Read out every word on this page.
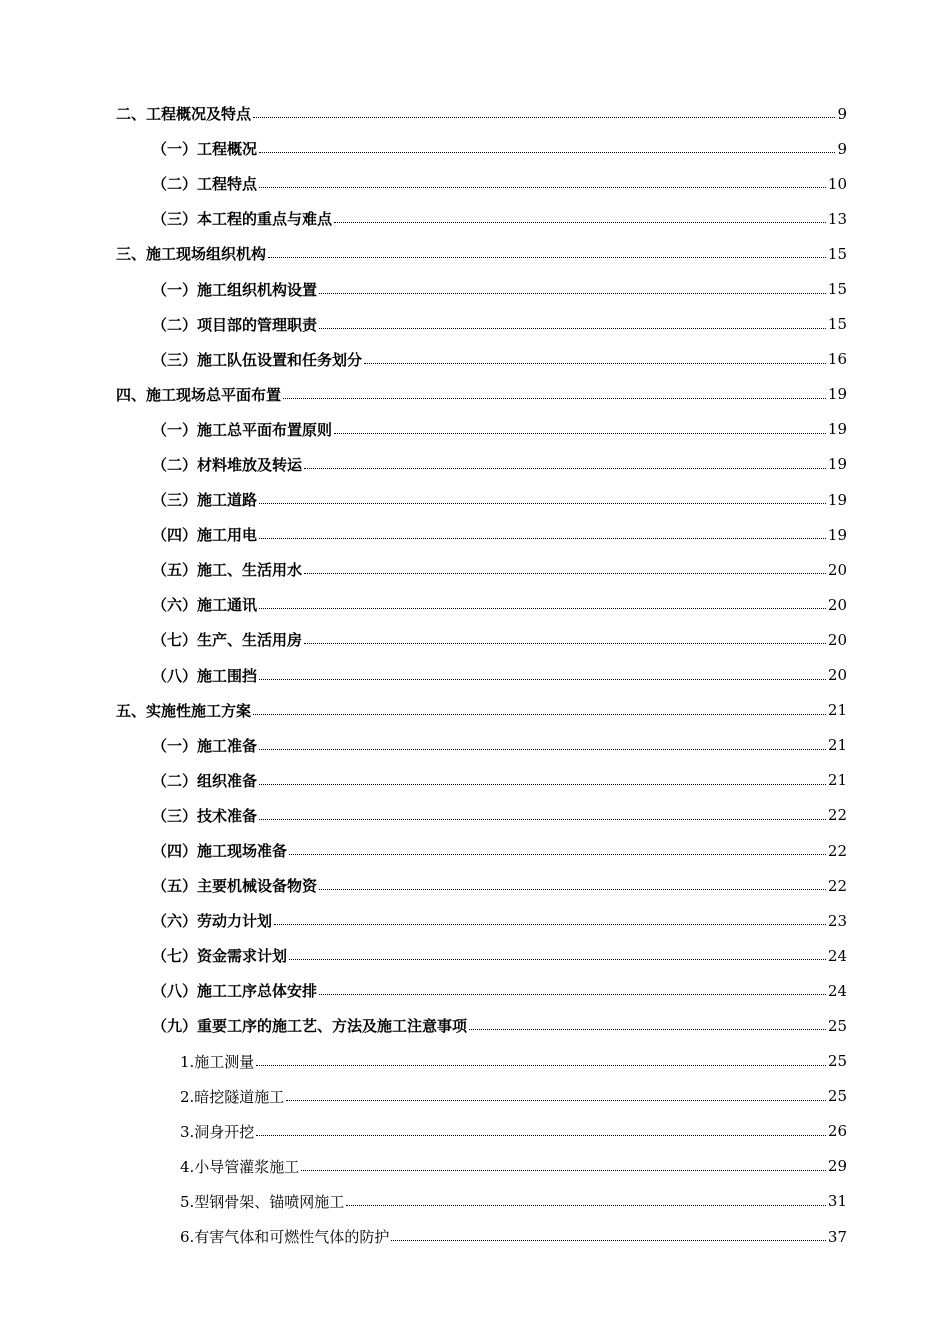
二、工程概况及特点	9
（一）工程概况	9
（二）工程特点	10
（三）本工程的重点与难点	13
三、施工现场组织机构	15
（一）施工组织机构设置	15
（二）项目部的管理职责	15
（三）施工队伍设置和任务划分	16
四、施工现场总平面布置	19
（一）施工总平面布置原则	19
（二）材料堆放及转运	19
（三）施工道路	19
（四）施工用电	19
（五）施工、生活用水	20
（六）施工通讯	20
（七）生产、生活用房	20
（八）施工围挡	20
五、实施性施工方案	21
（一）施工准备	21
（二）组织准备	21
（三）技术准备	22
（四）施工现场准备	22
（五）主要机械设备物资	22
（六）劳动力计划	23
（七）资金需求计划	24
（八）施工工序总体安排	24
（九）重要工序的施工艺、方法及施工注意事项	25
1.施工测量	25
2.暗挖隧道施工	25
3.洞身开挖	26
4.小导管灌浆施工	29
5.型钢骨架、锚喷网施工	31
6.有害气体和可燃性气体的防护	37
